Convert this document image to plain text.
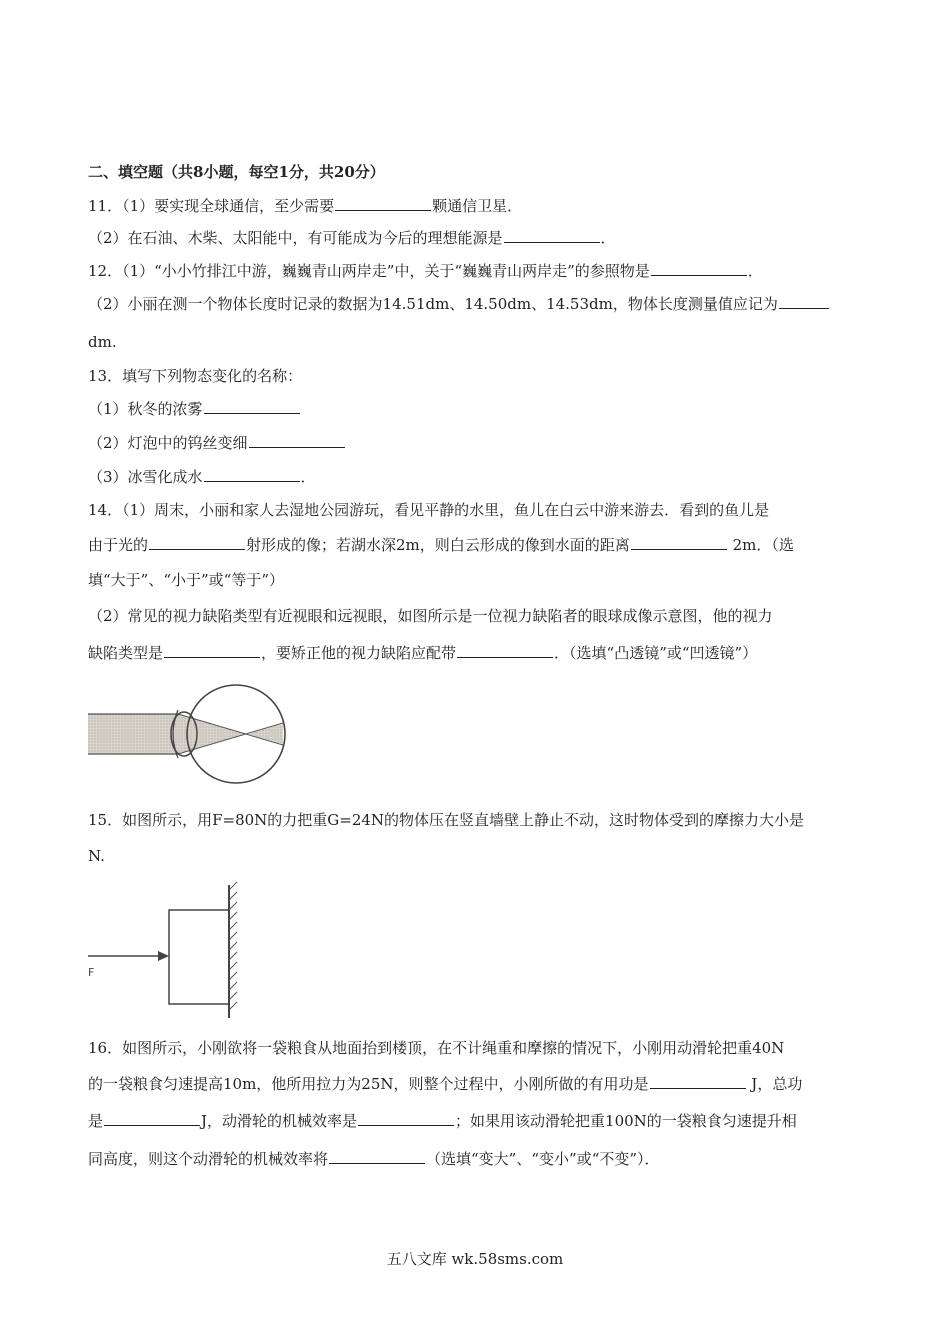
二、填空题（共8小题，每空1分，共20分）
11．（1）要实现全球通信，至少需要	颗通信卫星．
（2）在石油、木柴、太阳能中，有可能成为今后的理想能源是	．
12．（1）“小小竹排江中游，巍巍青山两岸走”中，关于“巍巍青山两岸走”的参照物是	．
（2）小丽在测一个物体长度时记录的数据为14.51dm、14.50dm、14.53dm，物体长度测量值应记为
dm.
13．填写下列物态变化的名称：
（1）秋冬的浓雾
（2）灯泡中的钨丝变细
（3）冰雪化成水	．
14．（1）周末，小丽和家人去湿地公园游玩，看见平静的水里，鱼儿在白云中游来游去．看到的鱼儿是
由于光的	射形成的像；若湖水深2m，则白云形成的像到水面的距离	2m．（选
填“大于”、“小于”或“等于”）
（2）常见的视力缺陷类型有近视眼和远视眼，如图所示是一位视力缺陷者的眼球成像示意图，他的视力
缺陷类型是	，要矫正他的视力缺陷应配带	．（选填“凸透镜”或“凹透镜”）
15．如图所示，用F=80N的力把重G=24N的物体压在竖直墙壁上静止不动，这时物体受到的摩擦力大小是
N.
F
16．如图所示，小刚欲将一袋粮食从地面抬到楼顶，在不计绳重和摩擦的情况下，小刚用动滑轮把重40N
的一袋粮食匀速提高10m，他所用拉力为25N，则整个过程中，小刚所做的有用功是	J，总功
是	J，动滑轮的机械效率是	；如果用该动滑轮把重100N的一袋粮食匀速提升相
同高度，则这个动滑轮的机械效率将	（选填“变大”、“变小”或“不变”）．
五八文库 wk.58sms.com
